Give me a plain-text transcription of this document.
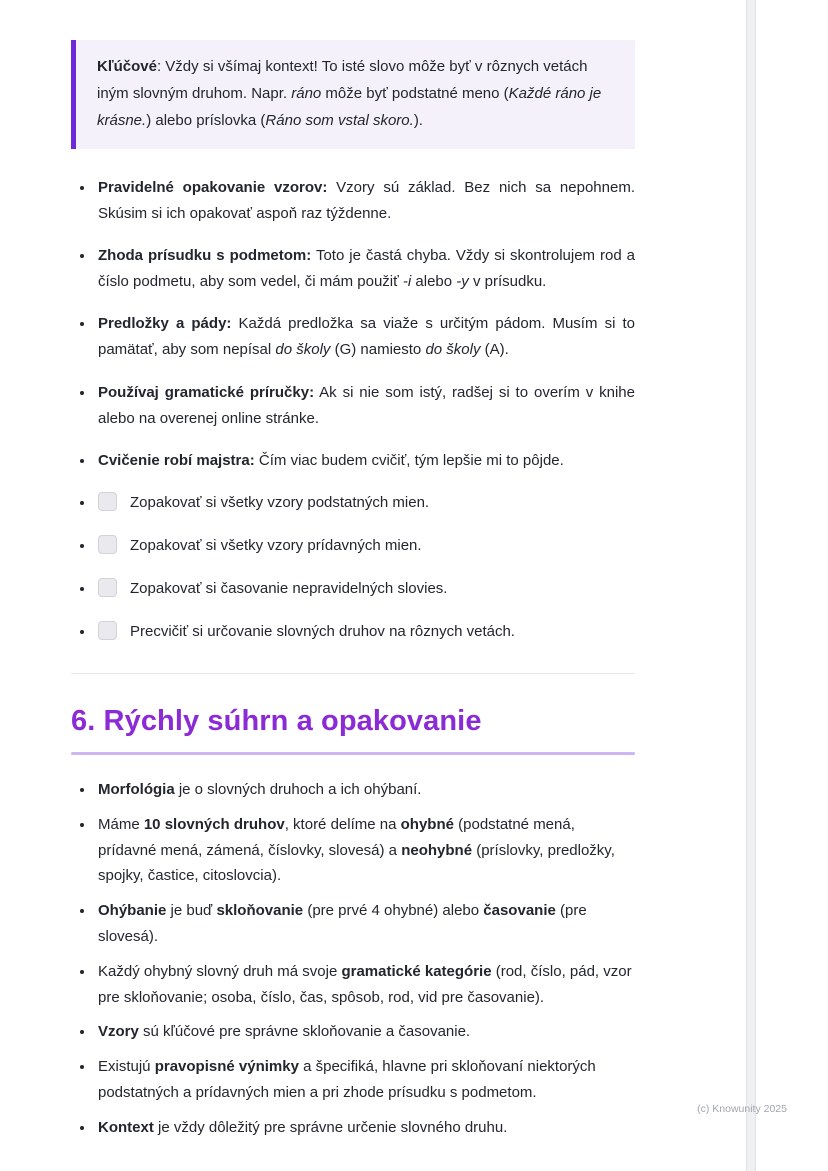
Kľúčové: Vždy si všímaj kontext! To isté slovo môže byť v rôznych vetách iným slovným druhom. Napr. ráno môže byť podstatné meno (Každé ráno je krásne.) alebo príslovka (Ráno som vstal skoro.).
• Pravidelné opakovanie vzorov: Vzory sú základ. Bez nich sa nepohnem. Skúsim si ich opakovať aspoň raz týždenne.
• Zhoda prísudku s podmetom: Toto je častá chyba. Vždy si skontrolujem rod a číslo podmetu, aby som vedel, či mám použiť -i alebo -y v prísudku.
• Predložky a pády: Každá predložka sa viaže s určitým pádom. Musím si to pamätať, aby som nepísal do školy (G) namiesto do školy (A).
• Používaj gramatické príručky: Ak si nie som istý, radšej si to overím v knihe alebo na overenej online stránke.
• Cvičenie robí majstra: Čím viac budem cvičiť, tým lepšie mi to pôjde.
• Zopakovať si všetky vzory podstatných mien.
• Zopakovať si všetky vzory prídavných mien.
• Zopakovať si časovanie nepravidelných slovies.
• Precvičiť si určovanie slovných druhov na rôznych vetách.
6. Rýchly súhrn a opakovanie
• Morfológia je o slovných druhoch a ich ohýbaní.
• Máme 10 slovných druhov, ktoré delíme na ohybné (podstatné mená, prídavné mená, zámená, číslovky, slovesá) a neohybné (príslovky, predložky, spojky, častice, citoslovcia).
• Ohýbanie je buď skloňovanie (pre prvé 4 ohybné) alebo časovanie (pre slovesá).
• Každý ohybný slovný druh má svoje gramatické kategórie (rod, číslo, pád, vzor pre skloňovanie; osoba, číslo, čas, spôsob, rod, vid pre časovanie).
• Vzory sú kľúčové pre správne skloňovanie a časovanie.
• Existujú pravopisné výnimky a špecifiká, hlavne pri skloňovaní niektorých podstatných a prídavných mien a pri zhode prísudku s podmetom.
• Kontext je vždy dôležitý pre správne určenie slovného druhu.
(c) Knowunity 2025
